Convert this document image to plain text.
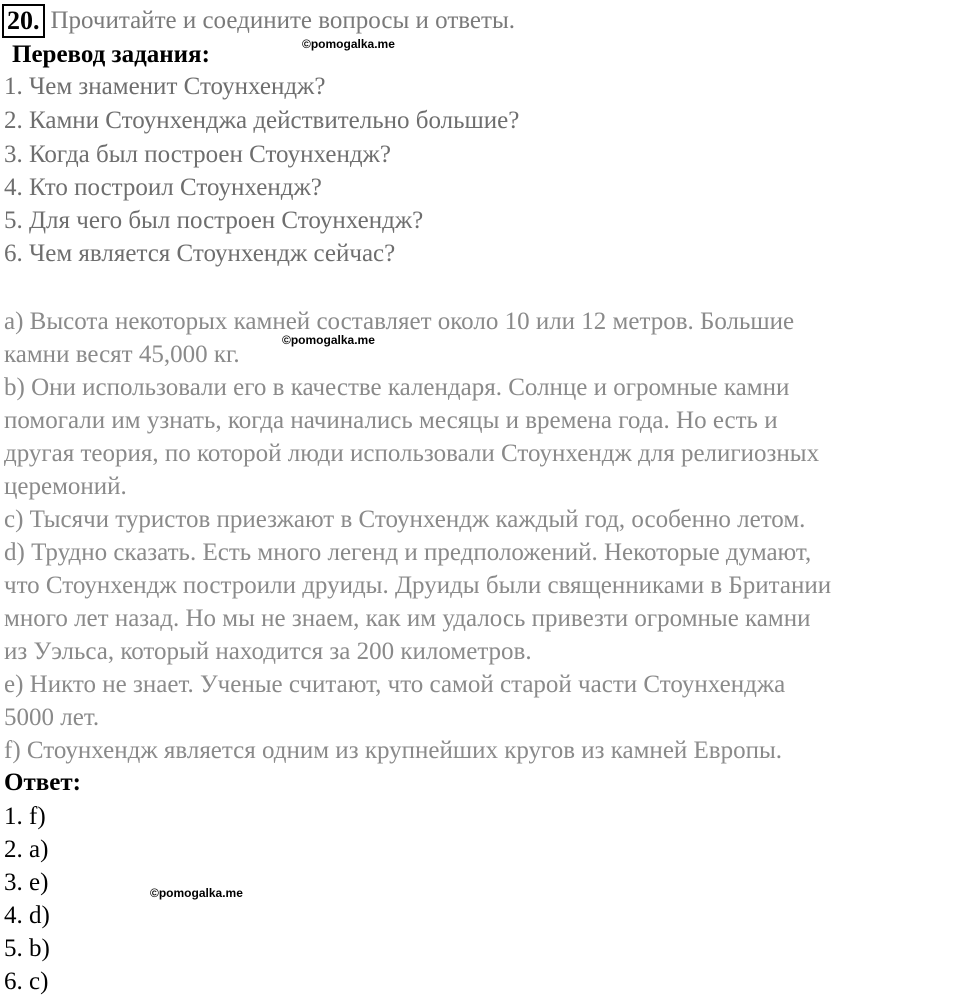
20. Прочитайте и соедините вопросы и ответы.
Перевод задания:	©pomogalka.me
1. Чем знаменит Стоунхендж?
2. Камни Стоунхенджа действительно большие?
3. Когда был построен Стоунхендж?
4. Кто построил Стоунхендж?
5. Для чего был построен Стоунхендж?
6. Чем является Стоунхендж сейчас?
a) Высота некоторых камней составляет около 10 или 12 метров. Большие
камни весят 45,000 кг.
©pomogalka.me
b) Они использовали его в качестве календаря. Солнце и огромные камни
помогали им узнать, когда начинались месяцы и времена года. Но есть и
другая теория, по которой люди использовали Стоунхендж для религиозных
церемоний.
c) Тысячи туристов приезжают в Стоунхендж каждый год, особенно летом.
d) Трудно сказать. Есть много легенд и предположений. Некоторые думают,
что Стоунхендж построили друиды. Друиды были священниками в Британии
много лет назад. Но мы не знаем, как им удалось привезти огромные камни
из Уэльса, который находится за 200 километров.
e) Никто не знает. Ученые считают, что самой старой части Стоунхенджа
5000 лет.
f) Стоунхендж является одним из крупнейших кругов из камней Европы.
Ответ:
1. f)
2. a)
3. e)	©pomogalka.me
4. d)
5. b)
6. c)
